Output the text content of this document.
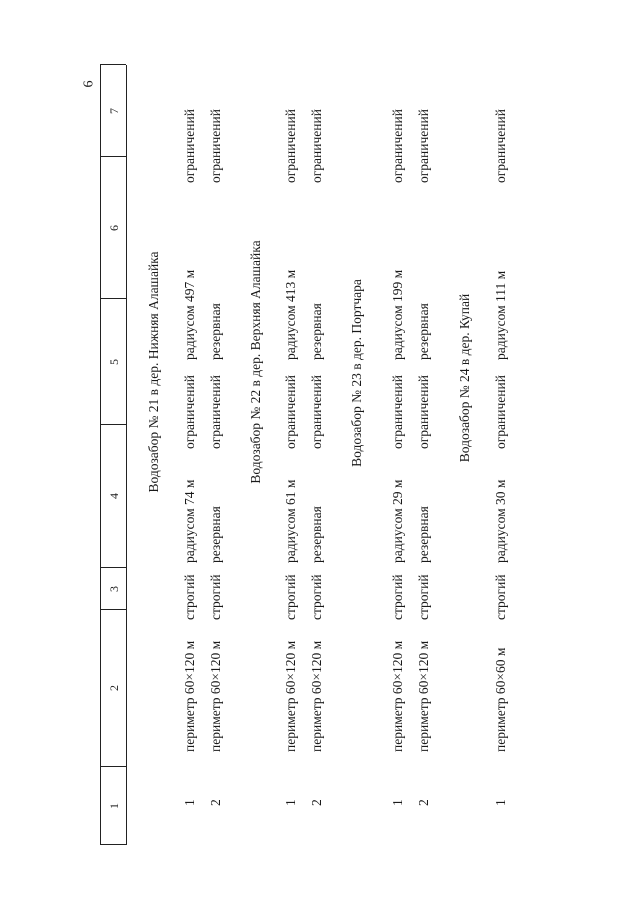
6
1
2
3
4
5
6
7
Водозабор № 21 в дер. Нижняя Алашайка
1
периметр 60×120 м
строгий
радиусом 74 м
ограничений
радиусом 497 м
ограничений
2
периметр 60×120 м
строгий
резервная
ограничений
резервная
ограничений
Водозабор № 22 в дер. Верхняя Алашайка
1
периметр 60×120 м
строгий
радиусом 61 м
ограничений
радиусом 413 м
ограничений
2
периметр 60×120 м
строгий
резервная
ограничений
резервная
ограничений
Водозабор № 23 в дер. Портчара
1
периметр 60×120 м
строгий
радиусом 29 м
ограничений
радиусом 199 м
ограничений
2
периметр 60×120 м
строгий
резервная
ограничений
резервная
ограничений
Водозабор № 24 в дер. Купай
1
периметр 60×60 м
строгий
радиусом 30 м
ограничений
радиусом 111 м
ограничений
